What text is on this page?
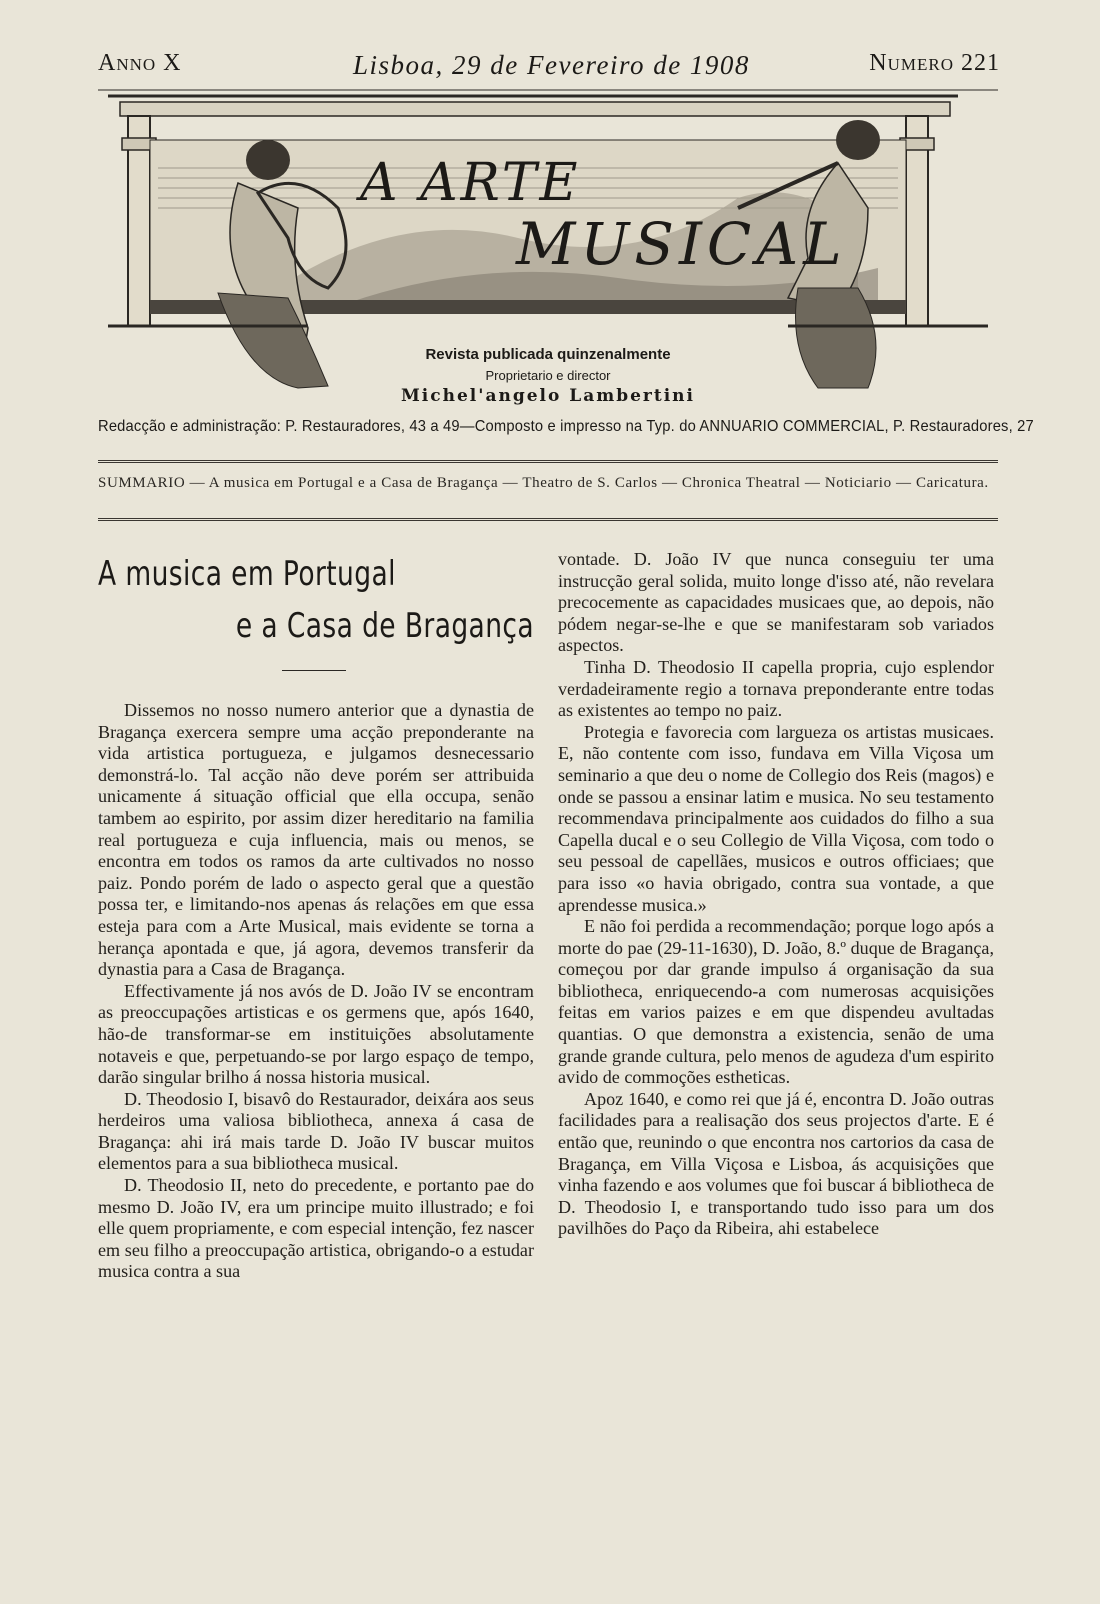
Anno X	Lisboa, 29 de Fevereiro de 1908	Numero 221
A ARTE
MUSICAL
Revista publicada quinzenalmente
Proprietario e director
Michel'angelo Lambertini
Redacção e administração: P. Restauradores, 43 a 49—Composto e impresso na Typ. do ANNUARIO COMMERCIAL, P. Restauradores, 27
SUMMARIO — A musica em Portugal e a Casa de Bragança — Theatro de S. Carlos — Chronica Theatral — Noticiario — Caricatura.
A musica em Portugal
e a Casa de Bragança

Dissemos no nosso numero anterior que a dynastia de Bragança exercera sempre uma acção preponderante na vida artistica portugueza, e julgamos desnecessario demonstrá-lo. Tal acção não deve porém ser attribuida unicamente á situação official que ella occupa, senão tambem ao espirito, por assim dizer hereditario na familia real portugueza e cuja influencia, mais ou menos, se encontra em todos os ramos da arte cultivados no nosso paiz. Pondo porém de lado o aspecto geral que a questão possa ter, e limitando-nos apenas ás relações em que essa esteja para com a Arte Musical, mais evidente se torna a herança apontada e que, já agora, devemos transferir da dynastia para a Casa de Bragança.

Effectivamente já nos avós de D. João IV se encontram as preoccupações artisticas e os germens que, após 1640, hão-de transformar-se em instituições absolutamente notaveis e que, perpetuando-se por largo espaço de tempo, darão singular brilho á nossa historia musical.

D. Theodosio I, bisavô do Restaurador, deixára aos seus herdeiros uma valiosa bibliotheca, annexa á casa de Bragança: ahi irá mais tarde D. João IV buscar muitos elementos para a sua bibliotheca musical.

D. Theodosio II, neto do precedente, e portanto pae do mesmo D. João IV, era um principe muito illustrado; e foi elle quem propriamente, e com especial intenção, fez nascer em seu filho a preoccupação artistica, obrigando-o a estudar musica contra a sua

vontade. D. João IV que nunca conseguiu ter uma instrucção geral solida, muito longe d'isso até, não revelara precocemente as capacidades musicaes que, ao depois, não pódem negar-se-lhe e que se manifestaram sob variados aspectos.

Tinha D. Theodosio II capella propria, cujo esplendor verdadeiramente regio a tornava preponderante entre todas as existentes ao tempo no paiz.

Protegia e favorecia com largueza os artistas musicaes. E, não contente com isso, fundava em Villa Viçosa um seminario a que deu o nome de Collegio dos Reis (magos) e onde se passou a ensinar latim e musica. No seu testamento recommendava principalmente aos cuidados do filho a sua Capella ducal e o seu Collegio de Villa Viçosa, com todo o seu pessoal de capellães, musicos e outros officiaes; que para isso «o havia obrigado, contra sua vontade, a que aprendesse musica.»

E não foi perdida a recommendação; porque logo após a morte do pae (29-11-1630), D. João, 8.º duque de Bragança, começou por dar grande impulso á organisação da sua bibliotheca, enriquecendo-a com numerosas acquisições feitas em varios paizes e em que dispendeu avultadas quantias. O que demonstra a existencia, senão de uma grande grande cultura, pelo menos de agudeza d'um espirito avido de commoções estheticas.

Apoz 1640, e como rei que já é, encontra D. João outras facilidades para a realisação dos seus projectos d'arte. E é então que, reunindo o que encontra nos cartorios da casa de Bragança, em Villa Viçosa e Lisboa, ás acquisições que vinha fazendo e aos volumes que foi buscar á bibliotheca de D. Theodosio I, e transportando tudo isso para um dos pavilhões do Paço da Ribeira, ahi estabelece
